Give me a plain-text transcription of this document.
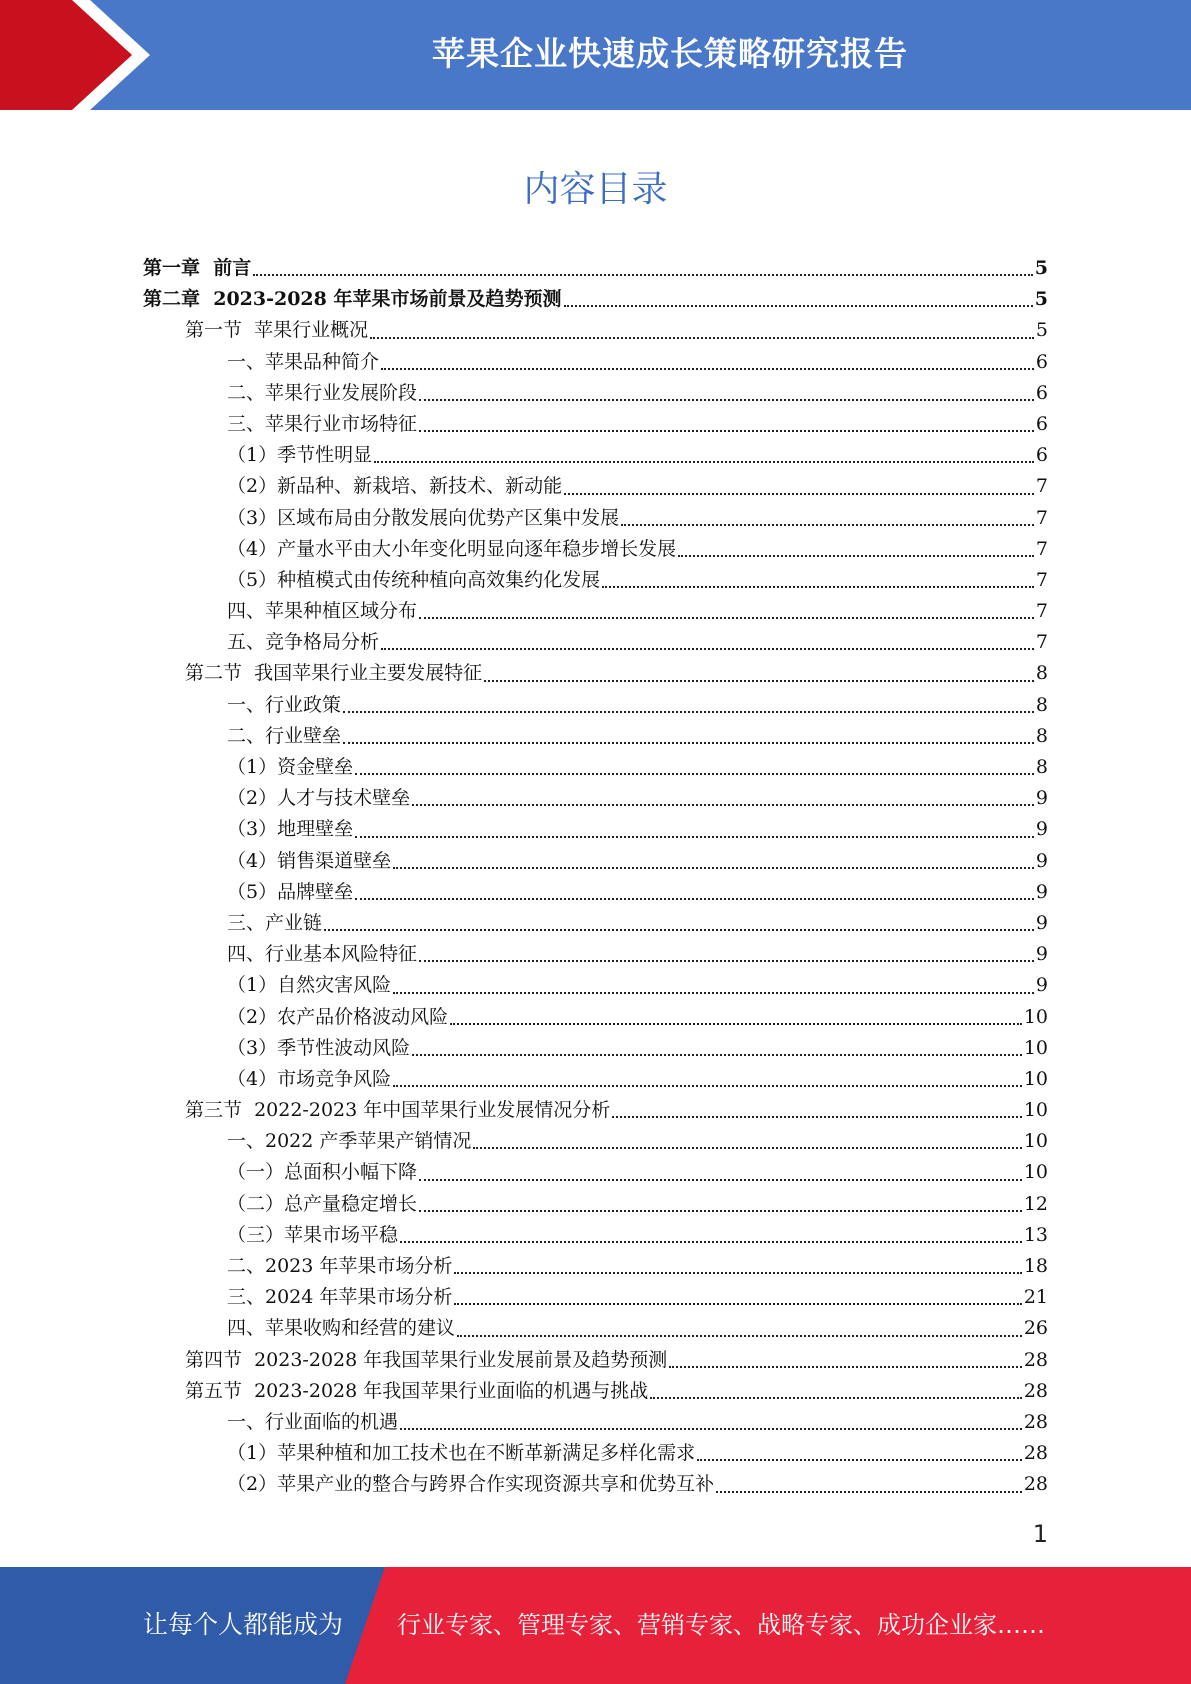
苹果企业快速成长策略研究报告
内容目录
第一章  前言	5
第二章  2023-2028 年苹果市场前景及趋势预测	5
第一节  苹果行业概况	5
一、苹果品种简介	6
二、苹果行业发展阶段	6
三、苹果行业市场特征	6
（1）季节性明显	6
（2）新品种、新栽培、新技术、新动能	7
（3）区域布局由分散发展向优势产区集中发展	7
（4）产量水平由大小年变化明显向逐年稳步增长发展	7
（5）种植模式由传统种植向高效集约化发展	7
四、苹果种植区域分布	7
五、竞争格局分析	7
第二节  我国苹果行业主要发展特征	8
一、行业政策	8
二、行业壁垒	8
（1）资金壁垒	8
（2）人才与技术壁垒	9
（3）地理壁垒	9
（4）销售渠道壁垒	9
（5）品牌壁垒	9
三、产业链	9
四、行业基本风险特征	9
（1）自然灾害风险	9
（2）农产品价格波动风险	10
（3）季节性波动风险	10
（4）市场竞争风险	10
第三节  2022-2023 年中国苹果行业发展情况分析	10
一、2022 产季苹果产销情况	10
（一）总面积小幅下降	10
（二）总产量稳定增长	12
（三）苹果市场平稳	13
二、2023 年苹果市场分析	18
三、2024 年苹果市场分析	21
四、苹果收购和经营的建议	26
第四节  2023-2028 年我国苹果行业发展前景及趋势预测	28
第五节  2023-2028 年我国苹果行业面临的机遇与挑战	28
一、行业面临的机遇	28
（1）苹果种植和加工技术也在不断革新满足多样化需求	28
（2）苹果产业的整合与跨界合作实现资源共享和优势互补	28
1
让每个人都能成为 行业专家、管理专家、营销专家、战略专家、成功企业家……
